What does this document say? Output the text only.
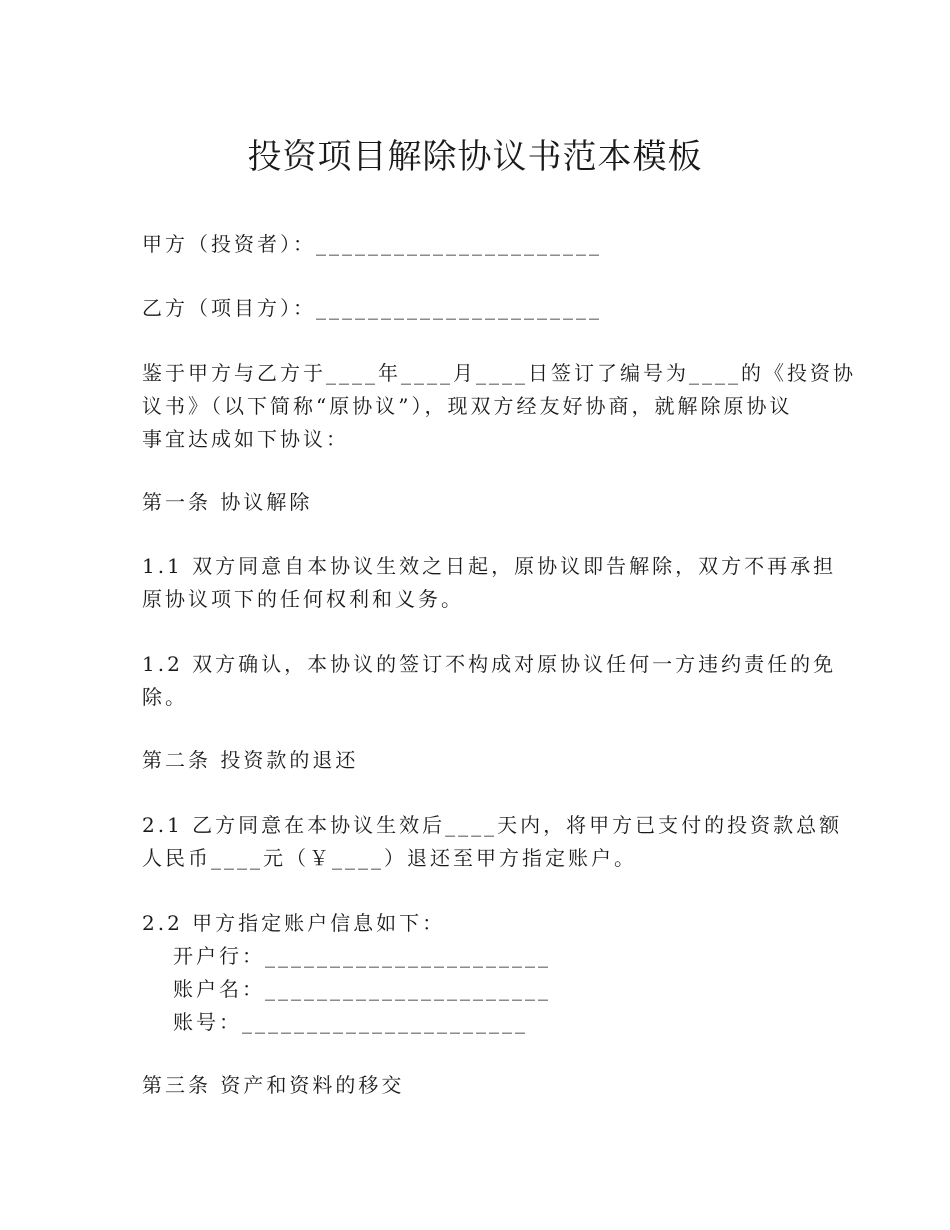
投资项目解除协议书范本模板
甲方（投资者）：______________________
乙方（项目方）：______________________
鉴于甲方与乙方于____年____月____日签订了编号为____的《投资协
议书》（以下简称“原协议”），现双方经友好协商，就解除原协议
事宜达成如下协议：
第一条 协议解除
1.1 双方同意自本协议生效之日起，原协议即告解除，双方不再承担
原协议项下的任何权利和义务。
1.2 双方确认，本协议的签订不构成对原协议任何一方违约责任的免
除。
第二条 投资款的退还
2.1 乙方同意在本协议生效后____天内，将甲方已支付的投资款总额
人民币____元（￥____）退还至甲方指定账户。
2.2 甲方指定账户信息如下：
开户行：______________________
账户名：______________________
账号：______________________
第三条 资产和资料的移交
